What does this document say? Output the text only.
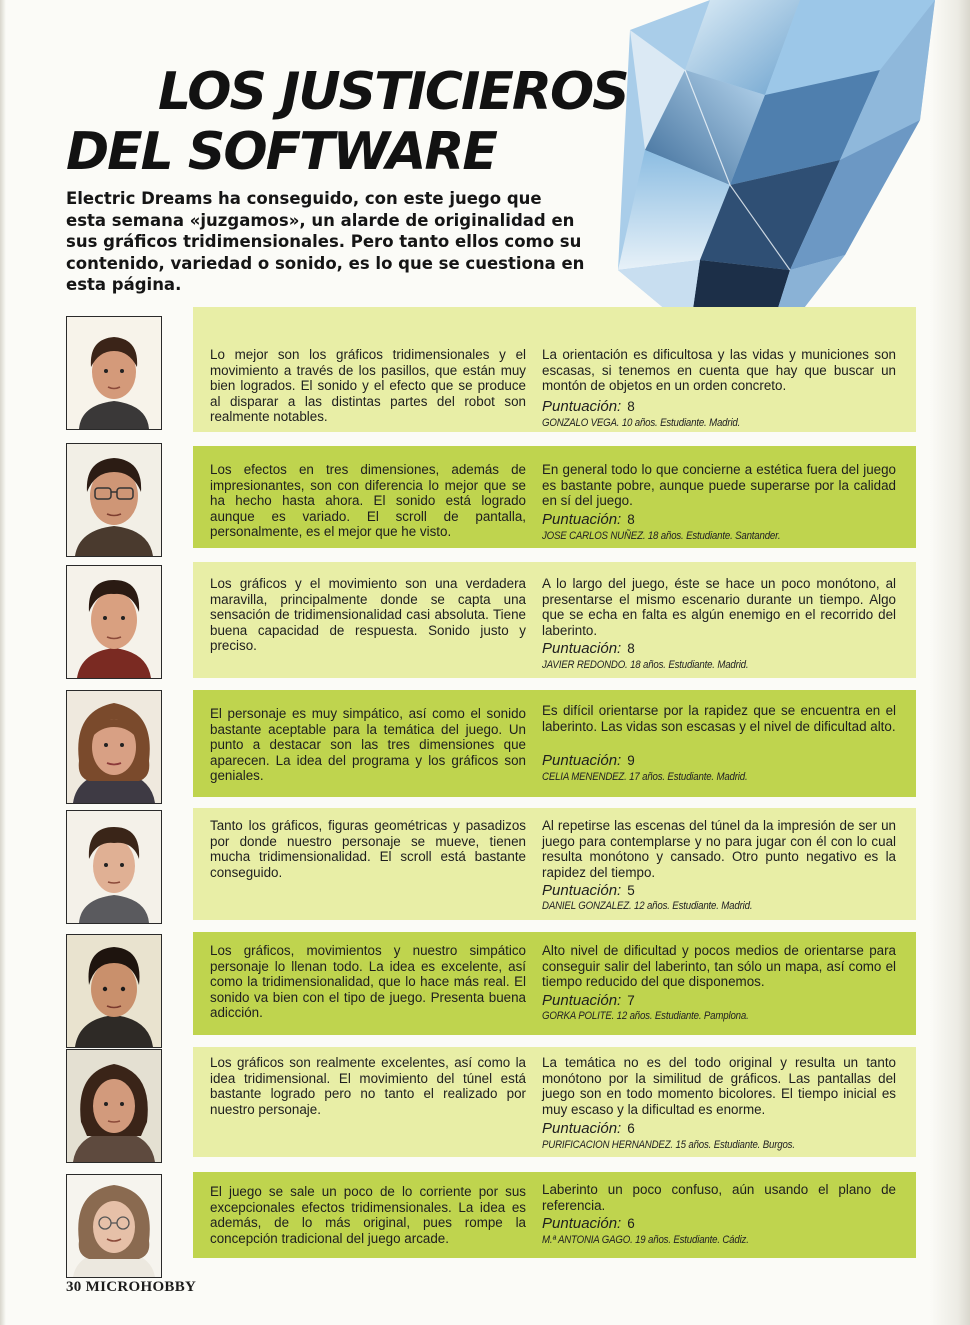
LOS JUSTICIEROS
DEL SOFTWARE

Electric Dreams ha conseguido, con este juego que esta semana «juzgamos», un alarde de originalidad en sus gráficos tridimensionales. Pero tanto ellos como su contenido, variedad o sonido, es lo que se cuestiona en esta página.

Lo mejor son los gráficos tridimensionales y el movimiento a través de los pasillos, que están muy bien logrados. El sonido y el efecto que se produce al disparar a las distintas partes del robot son realmente notables.

La orientación es dificultosa y las vidas y municiones son escasas, si tenemos en cuenta que hay que buscar un montón de objetos en un orden concreto.

Puntuación: 8

GONZALO VEGA. 10 años. Estudiante. Madrid.

Los efectos en tres dimensiones, además de impresionantes, son con diferencia lo mejor que se ha hecho hasta ahora. El sonido está logrado aunque es variado. El scroll de pantalla, personalmente, es el mejor que he visto.

En general todo lo que concierne a estética fuera del juego es bastante pobre, aunque puede superarse por la calidad en sí del juego.

Puntuación: 8

JOSE CARLOS NUÑEZ. 18 años. Estudiante. Santander.

Los gráficos y el movimiento son una verdadera maravilla, principalmente donde se capta una sensación de tridimensionalidad casi absoluta. Tiene buena capacidad de respuesta. Sonido justo y preciso.

A lo largo del juego, éste se hace un poco monótono, al presentarse el mismo escenario durante un tiempo. Algo que se echa en falta es algún enemigo en el recorrido del laberinto.

Puntuación: 8

JAVIER REDONDO. 18 años. Estudiante. Madrid.

El personaje es muy simpático, así como el sonido bastante aceptable para la temática del juego. Un punto a destacar son las tres dimensiones que aparecen. La idea del programa y los gráficos son geniales.

Es difícil orientarse por la rapidez que se encuentra en el laberinto. Las vidas son escasas y el nivel de dificultad alto.

Puntuación: 9

CELIA MENENDEZ. 17 años. Estudiante. Madrid.

Tanto los gráficos, figuras geométricas y pasadizos por donde nuestro personaje se mueve, tienen mucha tridimensionalidad. El scroll está bastante conseguido.

Al repetirse las escenas del túnel da la impresión de ser un juego para contemplarse y no para jugar con él con lo cual resulta monótono y cansado. Otro punto negativo es la rapidez del tiempo.

Puntuación: 5

DANIEL GONZALEZ. 12 años. Estudiante. Madrid.

Los gráficos, movimientos y nuestro simpático personaje lo llenan todo. La idea es excelente, así como la tridimensionalidad, que lo hace más real. El sonido va bien con el tipo de juego. Presenta buena adicción.

Alto nivel de dificultad y pocos medios de orientarse para conseguir salir del laberinto, tan sólo un mapa, así como el tiempo reducido del que disponemos.

Puntuación: 7

GORKA POLITE. 12 años. Estudiante. Pamplona.

Los gráficos son realmente excelentes, así como la idea tridimensional. El movimiento del túnel está bastante logrado pero no tanto el realizado por nuestro personaje.

La temática no es del todo original y resulta un tanto monótono por la similitud de gráficos. Las pantallas del juego son en todo momento bicolores. El tiempo inicial es muy escaso y la dificultad es enorme.

Puntuación: 6

PURIFICACION HERNANDEZ. 15 años. Estudiante. Burgos.

El juego se sale un poco de lo corriente por sus excepcionales efectos tridimensionales. La idea es además, de lo más original, pues rompe la concepción tradicional del juego arcade.

Laberinto un poco confuso, aún usando el plano de referencia.

Puntuación: 6

M.ª ANTONIA GAGO. 19 años. Estudiante. Cádiz.

30 MICROHOBBY
